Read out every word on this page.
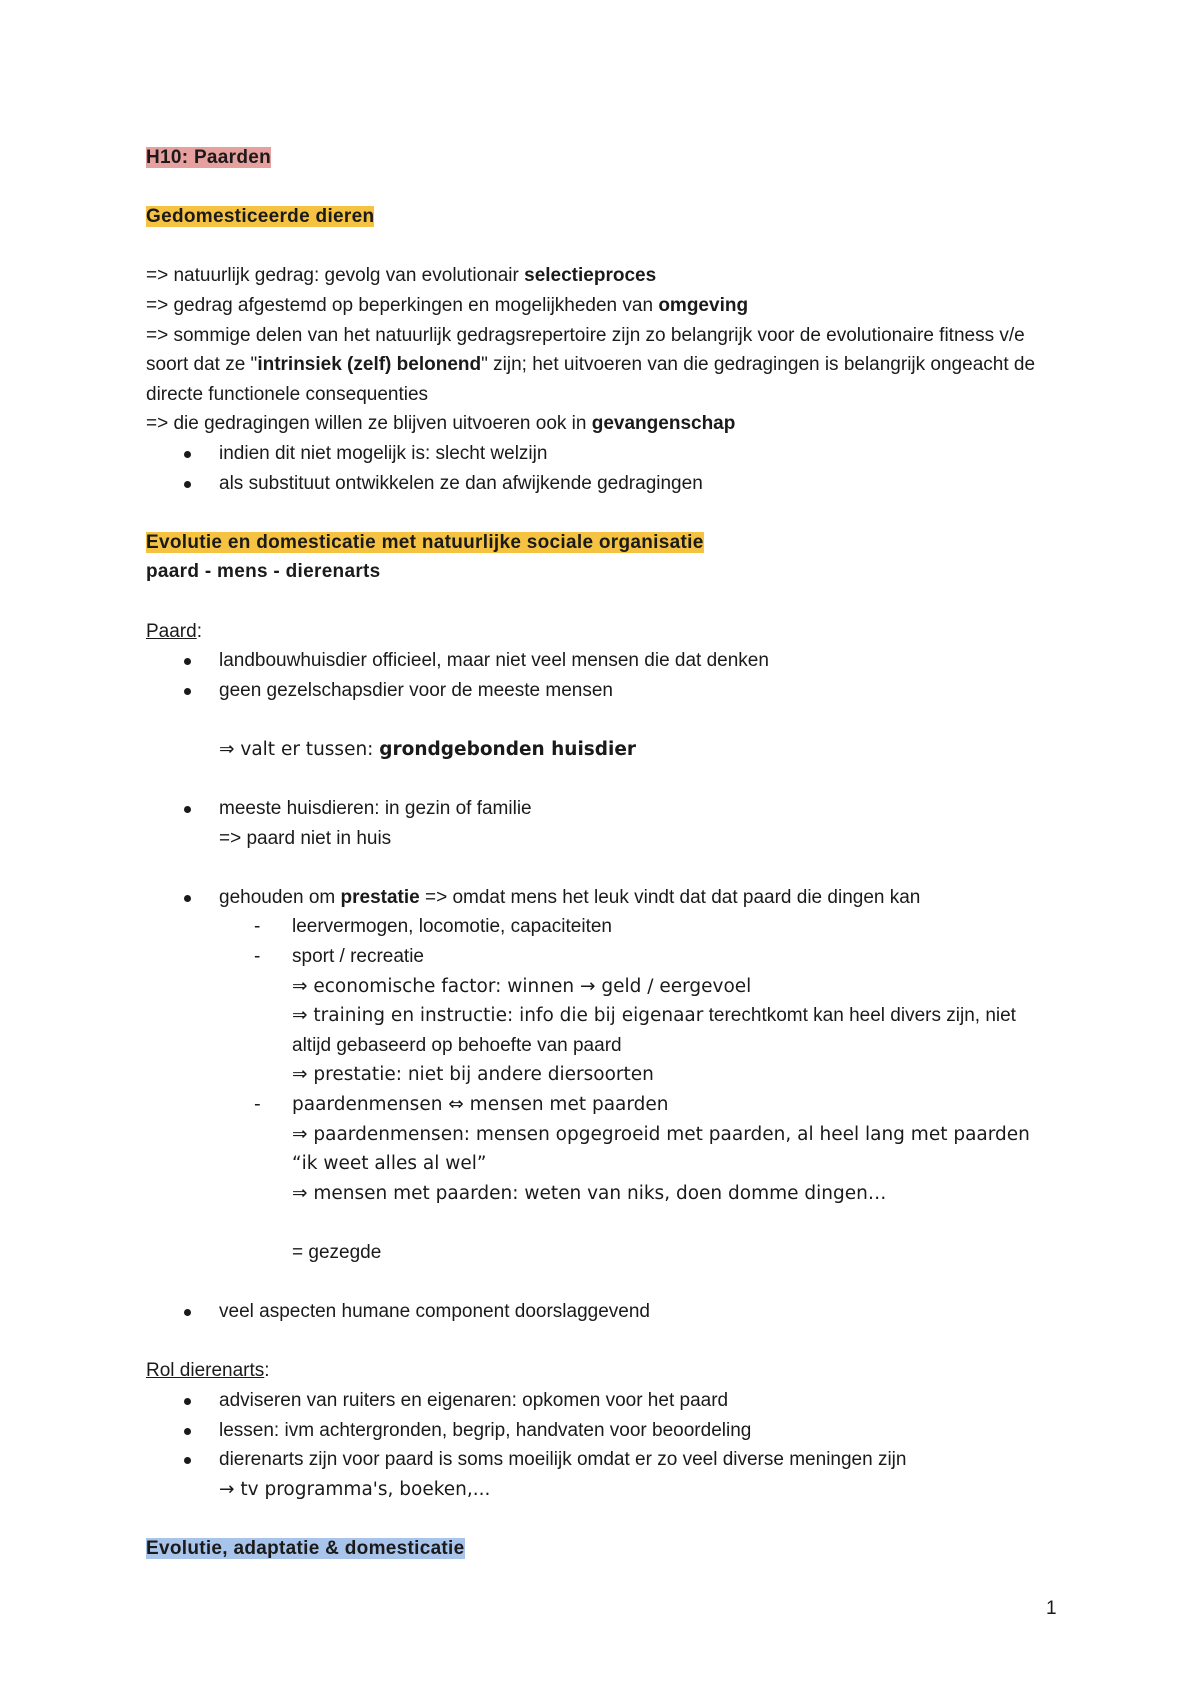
H10: Paarden
Gedomesticeerde dieren
=> natuurlijk gedrag: gevolg van evolutionair selectieproces
=> gedrag afgestemd op beperkingen en mogelijkheden van omgeving
=> sommige delen van het natuurlijk gedragsrepertoire zijn zo belangrijk voor de evolutionaire fitness v/e soort dat ze "intrinsiek (zelf) belonend" zijn; het uitvoeren van die gedragingen is belangrijk ongeacht de directe functionele consequenties
=> die gedragingen willen ze blijven uitvoeren ook in gevangenschap
indien dit niet mogelijk is: slecht welzijn
als substituut ontwikkelen ze dan afwijkende gedragingen
Evolutie en domesticatie met natuurlijke sociale organisatie
paard - mens - dierenarts
Paard:
landbouwhuisdier officieel, maar niet veel mensen die dat denken
geen gezelschapsdier voor de meeste mensen
⇒ valt er tussen: grondgebonden huisdier
meeste huisdieren: in gezin of familie
=> paard niet in huis
gehouden om prestatie => omdat mens het leuk vindt dat dat paard die dingen kan
- leervermogen, locomotie, capaciteiten
- sport / recreatie
⇒ economische factor: winnen → geld / eergevoel
⇒ training en instructie: info die bij eigenaar terechtkomt kan heel divers zijn, niet altijd gebaseerd op behoefte van paard
⇒ prestatie: niet bij andere diersoorten
- paardenmensen ⇔ mensen met paarden
⇒ paardenmensen: mensen opgegroeid met paarden, al heel lang met paarden “ik weet alles al wel”
⇒ mensen met paarden: weten van niks, doen domme dingen…
= gezegde
veel aspecten humane component doorslaggevend
Rol dierenarts:
adviseren van ruiters en eigenaren: opkomen voor het paard
lessen: ivm achtergronden, begrip, handvaten voor beoordeling
dierenarts zijn voor paard is soms moeilijk omdat er zo veel diverse meningen zijn
→ tv programma's, boeken,...
Evolutie, adaptatie & domesticatie
1
